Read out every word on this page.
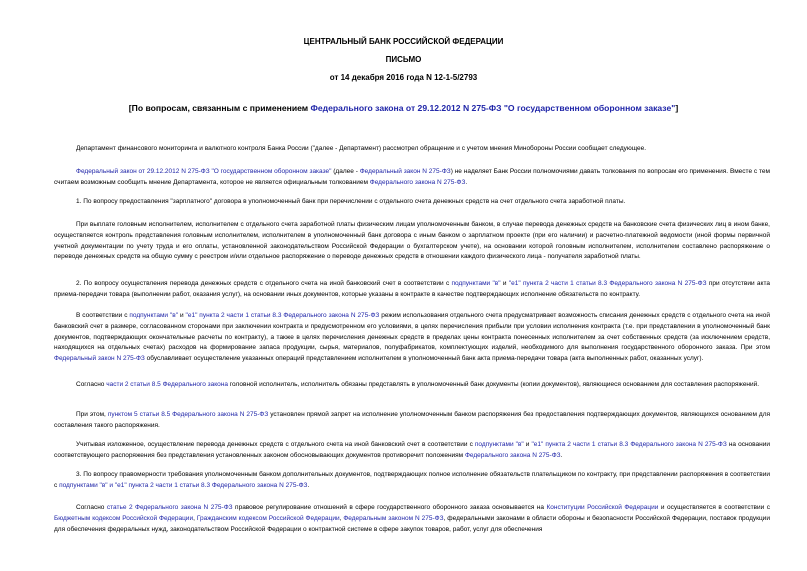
ЦЕНТРАЛЬНЫЙ БАНК РОССИЙСКОЙ ФЕДЕРАЦИИ
ПИСЬМО
от 14 декабря 2016 года N 12-1-5/2793
[По вопросам, связанным с применением Федерального закона от 29.12.2012 N 275-ФЗ "О государственном оборонном заказе"]
Департамент финансового мониторинга и валютного контроля Банка России ("далее - Департамент) рассмотрел обращение и с учетом мнения Минобороны России сообщает следующее.
Федеральный закон от 29.12.2012 N 275-ФЗ "О государственном оборонном заказе" (далее - Федеральный закон N 275-ФЗ) не наделяет Банк России полномочиями давать толкования по вопросам его применения. Вместе с тем считаем возможным сообщить мнение Департамента, которое не является официальным толкованием Федерального закона N 275-ФЗ.
1. По вопросу предоставления "зарплатного" договора в уполномоченный банк при перечислении с отдельного счета денежных средств на счет отдельного счета заработной платы.
При выплате головным исполнителем, исполнителем с отдельного счета заработной платы физическим лицам уполномоченным банком, в случае перевода денежных средств на банковские счета физических лиц в ином банке, осуществляется контроль представления головным исполнителем, исполнителем в уполномоченный банк договора с иным банком о зарплатном проекте (при его наличии) и расчетно-платежной ведомости (иной формы первичной учетной документации по учету труда и его оплаты, установленной законодательством Российской Федерации о бухгалтерском учете), на основании которой головным исполнителем, исполнителем составлено распоряжение о переводе денежных средств на общую сумму с реестром и/или отдельное распоряжение о переводе денежных средств в отношении каждого физического лица - получателя заработной платы.
2. По вопросу осуществления перевода денежных средств с отдельного счета на иной банковский счет в соответствии с подпунктами "в" и "е1" пункта 2 части 1 статьи 8.3 Федерального закона N 275-ФЗ при отсутствии акта приема-передачи товара (выполнении работ, оказания услуг), на основании иных документов, которые указаны в контракте в качестве подтверждающих исполнение обязательств по контракту.
В соответствии с подпунктами "в" и "е1" пункта 2 части 1 статьи 8.3 Федерального закона N 275-ФЗ режим использования отдельного счета предусматривает возможность списания денежных средств с отдельного счета на иной банковский счет в размере, согласованном сторонами при заключении контракта и предусмотренном его условиями, в целях перечисления прибыли при условии исполнения контракта (т.е. при представлении в уполномоченный банк документов, подтверждающих окончательные расчеты по контракту), а также в целях перечисления денежных средств в пределах цены контракта понесенных исполнителем за счет собственных средств (за исключением средств, находящихся на отдельных счетах) расходов на формирование запаса продукции, сырья, материалов, полуфабрикатов, комплектующих изделий, необходимого для выполнения государственного оборонного заказа. При этом Федеральный закон N 275-ФЗ обуславливает осуществление указанных операций представлением исполнителем в уполномоченный банк акта приема-передачи товара (акта выполненных работ, оказанных услуг).
Согласно части 2 статьи 8.5 Федерального закона головной исполнитель, исполнитель обязаны представлять в уполномоченный банк документы (копии документов), являющиеся основанием для составления распоряжений.
При этом, пунктом 5 статьи 8.5 Федерального закона N 275-ФЗ установлен прямой запрет на исполнение уполномоченным банком распоряжения без предоставления подтверждающих документов, являющихся основанием для составления такого распоряжения.
Учитывая изложенное, осуществление перевода денежных средств с отдельного счета на иной банковский счет в соответствии с подпунктами "в" и "е1" пункта 2 части 1 статьи 8.3 Федерального закона N 275-ФЗ на основании соответствующего распоряжения без представления установленных законом обосновывающих документов противоречит положениям Федерального закона N 275-ФЗ.
3. По вопросу правомерности требования уполномоченным банком дополнительных документов, подтверждающих полное исполнение обязательств плательщиком по контракту, при представлении распоряжения в соответствии с подпунктами "в" и "е1" пункта 2 части 1 статьи 8.3 Федерального закона N 275-ФЗ.
Согласно статье 2 Федерального закона N 275-ФЗ правовое регулирование отношений в сфере государственного оборонного заказа основывается на Конституции Российской Федерации и осуществляется в соответствии с Бюджетным кодексом Российской Федерации, Гражданским кодексом Российской Федерации, Федеральным законом N 275-ФЗ, федеральными законами в области обороны и безопасности Российской Федерации, поставок продукции для обеспечения федеральных нужд, законодательством Российской Федерации о контрактной системе в сфере закупок товаров, работ, услуг для обеспечения
